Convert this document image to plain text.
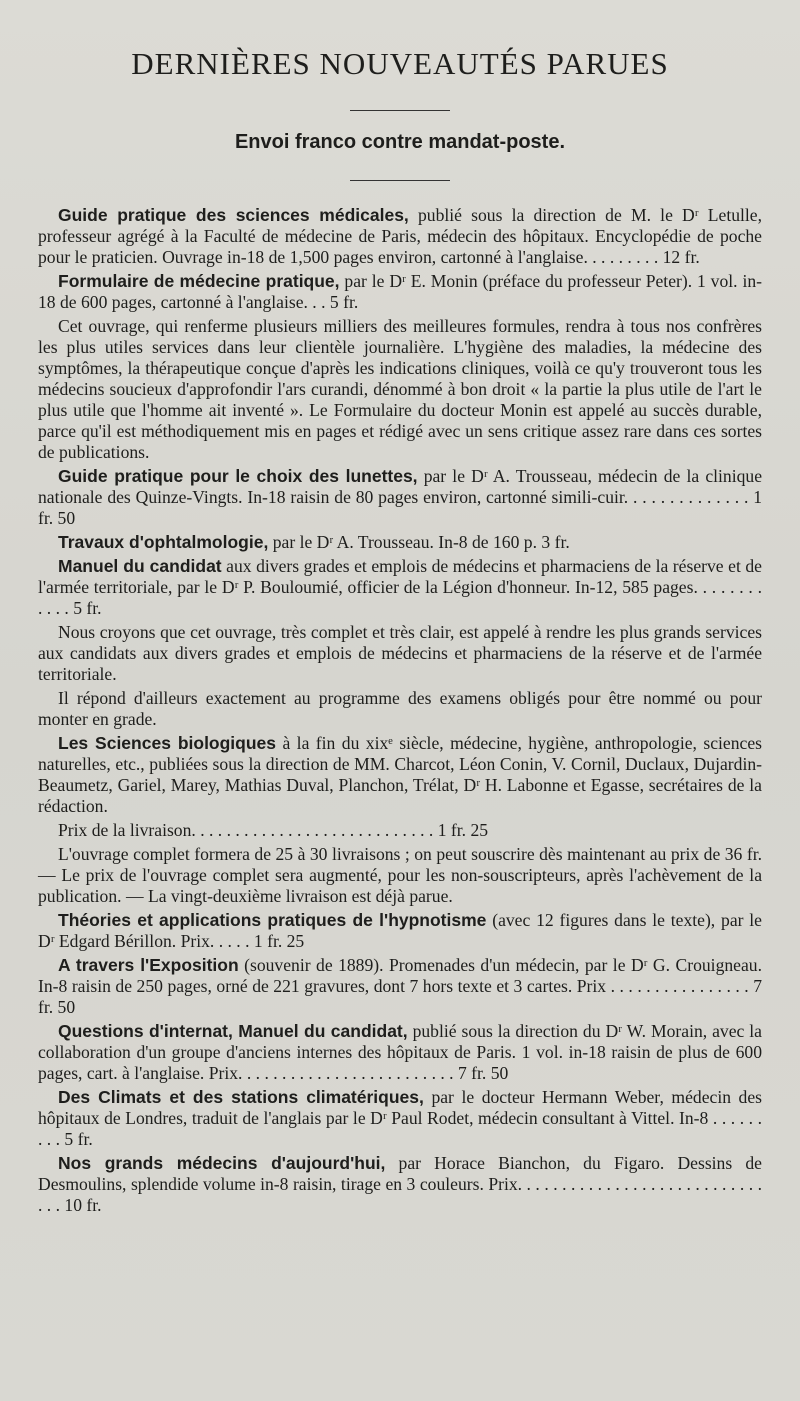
DERNIÈRES NOUVEAUTÉS PARUES
Envoi franco contre mandat-poste.

Guide pratique des sciences médicales, publié sous la direction de M. le Dʳ Letulle, professeur agrégé à la Faculté de médecine de Paris, médecin des hôpitaux. Encyclopédie de poche pour le praticien. Ouvrage in-18 de 1,500 pages environ, cartonné à l'anglaise. . . . . . . . . 12 fr.

Formulaire de médecine pratique, par le Dʳ E. Monin (préface du professeur Peter). 1 vol. in-18 de 600 pages, cartonné à l'anglaise. . . 5 fr.

Cet ouvrage, qui renferme plusieurs milliers des meilleures formules, rendra à tous nos confrères les plus utiles services dans leur clientèle journalière. L'hygiène des maladies, la médecine des symptômes, la thérapeutique conçue d'après les indications cliniques, voilà ce qu'y trouveront tous les médecins soucieux d'approfondir l'ars curandi, dénommé à bon droit « la partie la plus utile de l'art le plus utile que l'homme ait inventé ». Le Formulaire du docteur Monin est appelé au succès durable, parce qu'il est méthodiquement mis en pages et rédigé avec un sens critique assez rare dans ces sortes de publications.

Guide pratique pour le choix des lunettes, par le Dʳ A. Trousseau, médecin de la clinique nationale des Quinze-Vingts. In-18 raisin de 80 pages environ, cartonné simili-cuir. . . . . . . . . . . . . . 1 fr. 50

Travaux d'ophtalmologie, par le Dʳ A. Trousseau. In-8 de 160 p. 3 fr.

Manuel du candidat aux divers grades et emplois de médecins et pharmaciens de la réserve et de l'armée territoriale, par le Dʳ P. Bouloumié, officier de la Légion d'honneur. In-12, 585 pages. . . . . . . . . . . . 5 fr.

Nous croyons que cet ouvrage, très complet et très clair, est appelé à rendre les plus grands services aux candidats aux divers grades et emplois de médecins et pharmaciens de la réserve et de l'armée territoriale.

Il répond d'ailleurs exactement au programme des examens obligés pour être nommé ou pour monter en grade.

Les Sciences biologiques à la fin du xixᵉ siècle, médecine, hygiène, anthropologie, sciences naturelles, etc., publiées sous la direction de MM. Charcot, Léon Conin, V. Cornil, Duclaux, Dujardin-Beaumetz, Gariel, Marey, Mathias Duval, Planchon, Trélat, Dʳ H. Labonne et Egasse, secrétaires de la rédaction.

Prix de la livraison. . . . . . . . . . . . . . . . . . . . . . . . . . . . 1 fr. 25

L'ouvrage complet formera de 25 à 30 livraisons ; on peut souscrire dès maintenant au prix de 36 fr. — Le prix de l'ouvrage complet sera augmenté, pour les non-souscripteurs, après l'achèvement de la publication. — La vingt-deuxième livraison est déjà parue.

Théories et applications pratiques de l'hypnotisme (avec 12 figures dans le texte), par le Dʳ Edgard Bérillon. Prix. . . . . 1 fr. 25

A travers l'Exposition (souvenir de 1889). Promenades d'un médecin, par le Dʳ G. Crouigneau. In-8 raisin de 250 pages, orné de 221 gravures, dont 7 hors texte et 3 cartes. Prix . . . . . . . . . . . . . . . . 7 fr. 50

Questions d'internat, Manuel du candidat, publié sous la direction du Dʳ W. Morain, avec la collaboration d'un groupe d'anciens internes des hôpitaux de Paris. 1 vol. in-18 raisin de plus de 600 pages, cart. à l'anglaise. Prix. . . . . . . . . . . . . . . . . . . . . . . . . 7 fr. 50

Des Climats et des stations climatériques, par le docteur Hermann Weber, médecin des hôpitaux de Londres, traduit de l'anglais par le Dʳ Paul Rodet, médecin consultant à Vittel. In-8 . . . . . . . . . 5 fr.

Nos grands médecins d'aujourd'hui, par Horace Bianchon, du Figaro. Dessins de Desmoulins, splendide volume in-8 raisin, tirage en 3 couleurs. Prix. . . . . . . . . . . . . . . . . . . . . . . . . . . . . . . 10 fr.
